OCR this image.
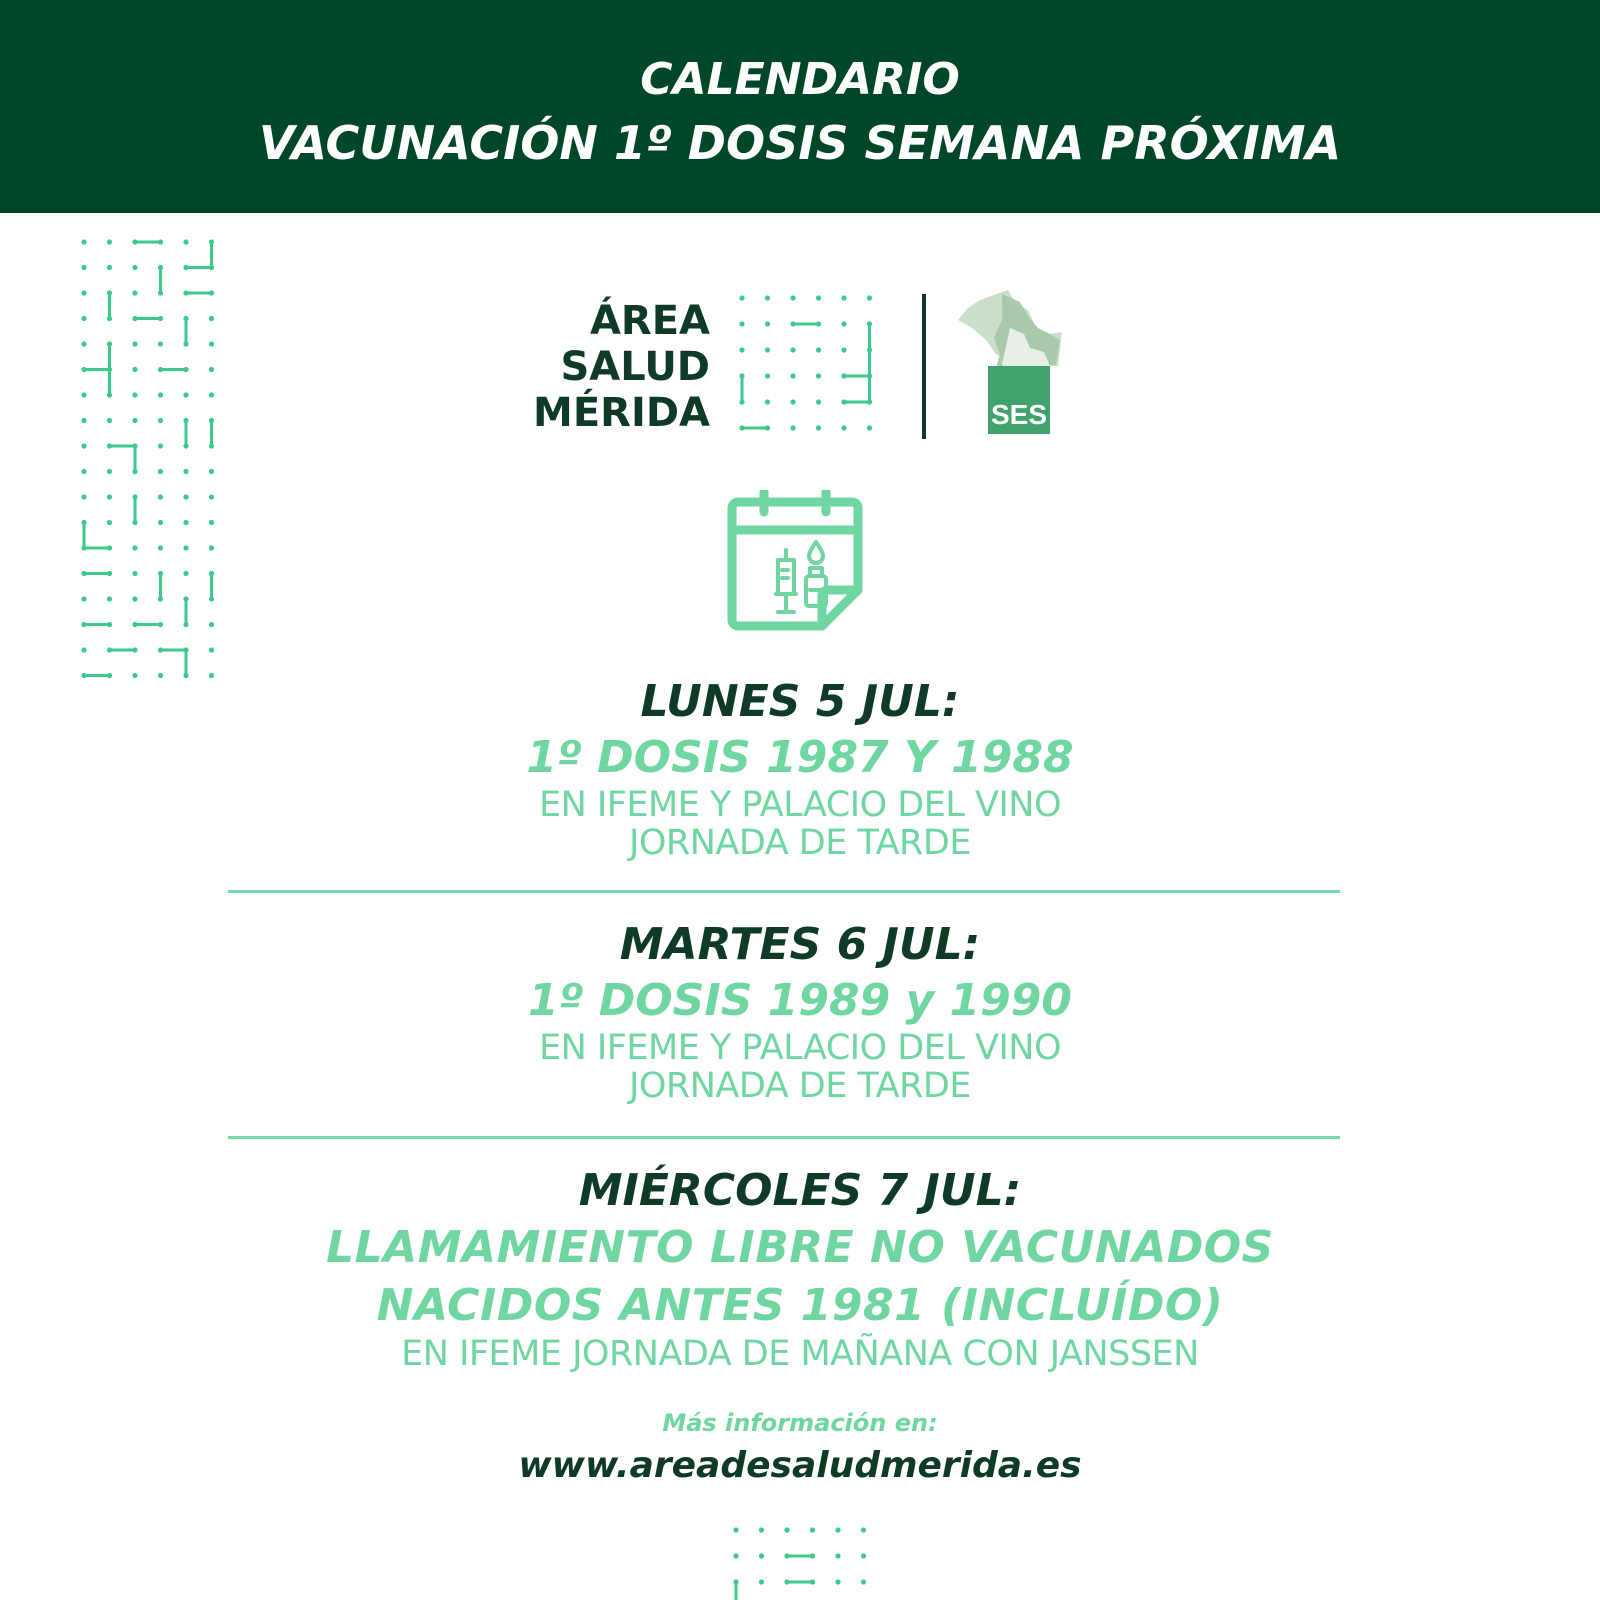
CALENDARIO
VACUNACIÓN 1º DOSIS SEMANA PRÓXIMA
ÁREA
SALUD
MÉRIDA	SES
LUNES 5 JUL:
1º DOSIS 1987 Y 1988
EN IFEME Y PALACIO DEL VINO
JORNADA DE TARDE
MARTES 6 JUL:
1º DOSIS 1989 y 1990
EN IFEME Y PALACIO DEL VINO
JORNADA DE TARDE
MIÉRCOLES 7 JUL:
LLAMAMIENTO LIBRE NO VACUNADOS
NACIDOS ANTES 1981 (INCLUÍDO)
EN IFEME JORNADA DE MAÑANA CON JANSSEN
Más información en:
www.areadesaludmerida.es
